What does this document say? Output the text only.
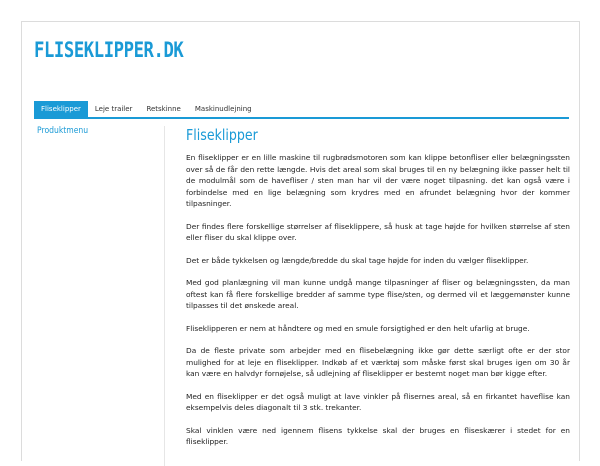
FLISEKLIPPER.DK
Fliseklipper	Leje trailer	Retskinne	Maskinudlejning
Produktmenu	Fliseklipper

En fliseklipper er en lille maskine til rugbrødsmotoren som kan klippe betonfliser eller belægningssten over så de får den rette længde. Hvis det areal som skal bruges til en ny belægning ikke passer helt til de modulmål som de havefliser / sten man har vil der være noget tilpasning. det kan også være i forbindelse med en lige belægning som krydres med en afrundet belægning hvor der kommer tilpasninger.

Der findes flere forskellige størrelser af fliseklippere, så husk at tage højde for hvilken størrelse af sten eller fliser du skal klippe over.

Det er både tykkelsen og længde/bredde du skal tage højde for inden du vælger fliseklipper.

Med god planlægning vil man kunne undgå mange tilpasninger af fliser og belægningssten, da man oftest kan få flere forskellige bredder af samme type flise/sten, og dermed vil et læggemønster kunne tilpasses til det ønskede areal.

Fliseklipperen er nem at håndtere og med en smule forsigtighed er den helt ufarlig at bruge.

Da de fleste private som arbejder med en flisebelægning ikke gør dette særligt ofte er der stor mulighed for at leje en fliseklipper. Indkøb af et værktøj som måske først skal bruges igen om 30 år kan være en halvdyr fornøjelse, så udlejning af fliseklipper er bestemt noget man bør kigge efter.

Med en fliseklipper er det også muligt at lave vinkler på flisernes areal, så en firkantet haveflise kan eksempelvis deles diagonalt til 3 stk. trekanter.

Skal vinklen være ned igennem flisens tykkelse skal der bruges en fliseskærer i stedet for en fliseklipper.
